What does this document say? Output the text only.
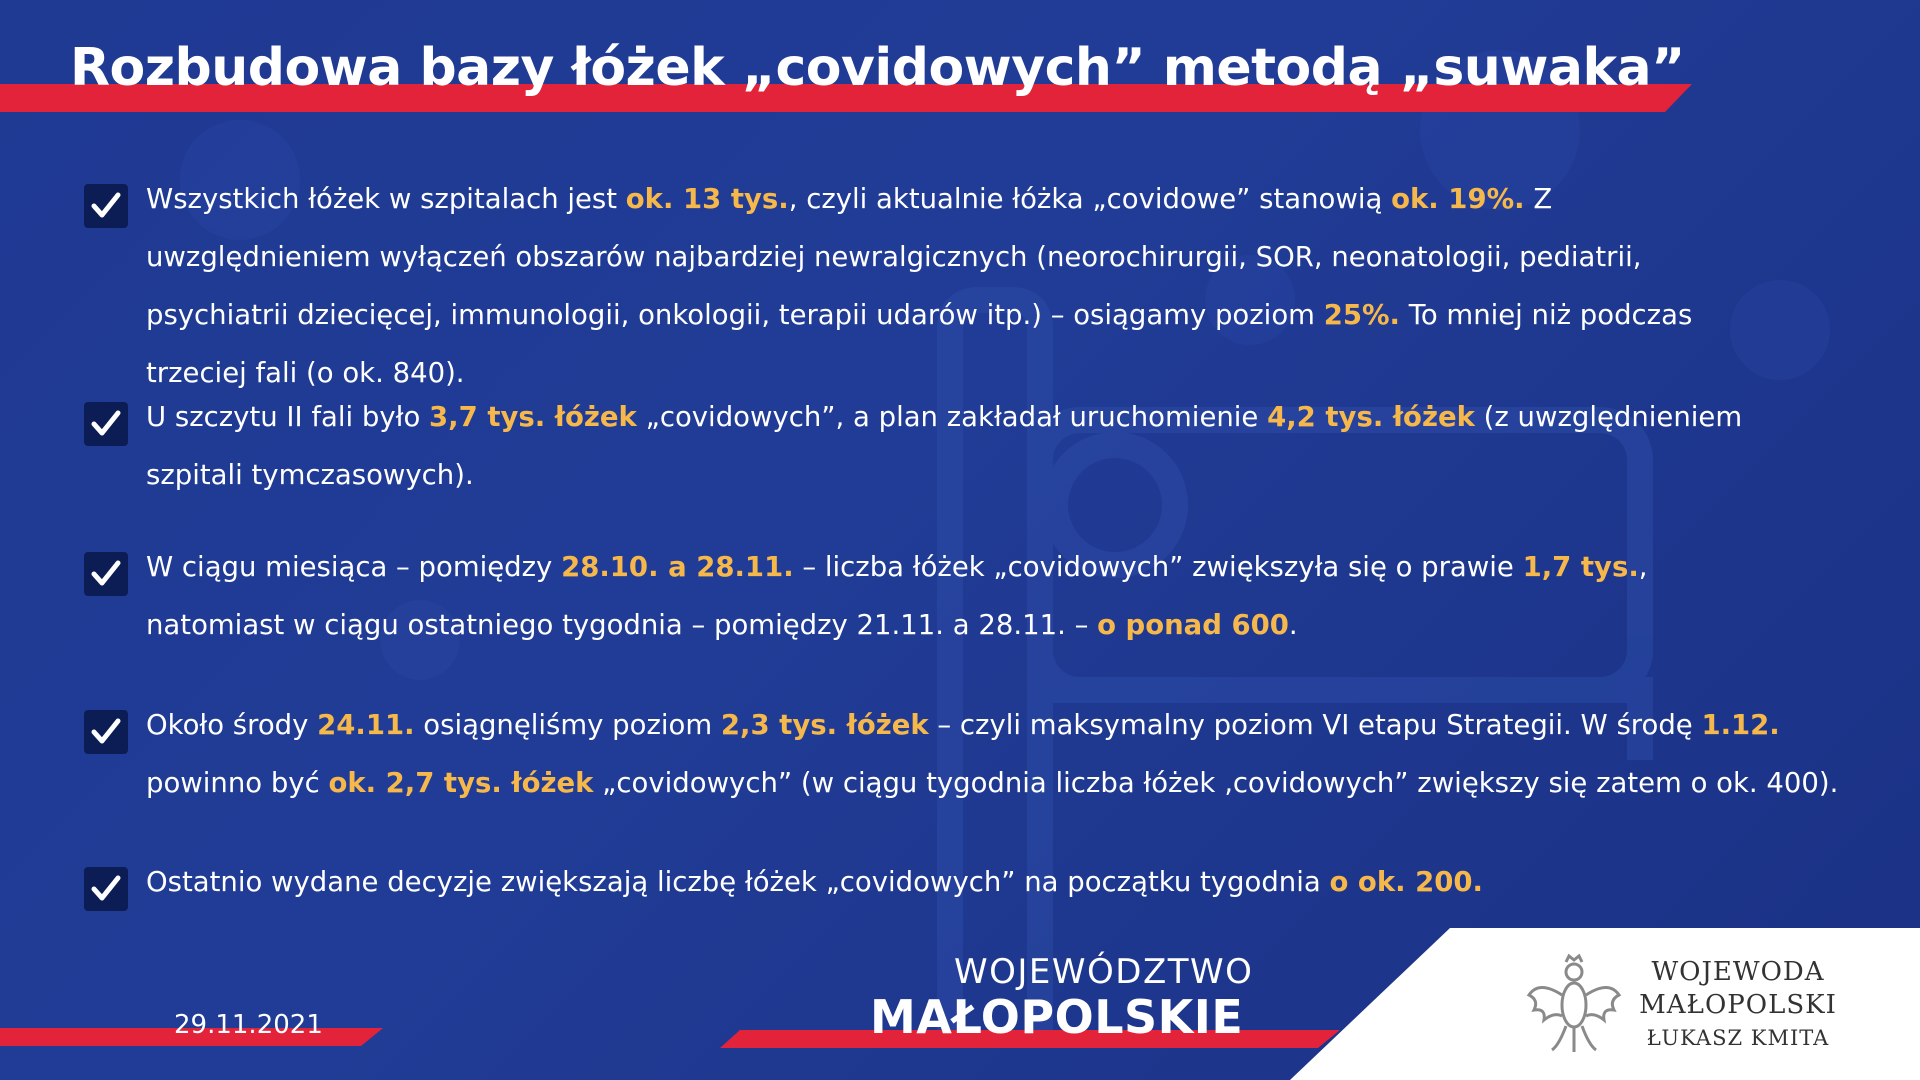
Rozbudowa bazy łóżek „covidowych” metodą „suwaka”
Wszystkich łóżek w szpitalach jest ok. 13 tys., czyli aktualnie łóżka „covidowe” stanowią ok. 19%. Z uwzględnieniem wyłączeń obszarów najbardziej newralgicznych (neorochirurgii, SOR, neonatologii, pediatrii, psychiatrii dziecięcej, immunologii, onkologii, terapii udarów itp.) – osiągamy poziom 25%. To mniej niż podczas trzeciej fali (o ok. 840).
U szczytu II fali było 3,7 tys. łóżek „covidowych”, a plan zakładał uruchomienie 4,2 tys. łóżek (z uwzględnieniem szpitali tymczasowych).
W ciągu miesiąca – pomiędzy 28.10. a 28.11. – liczba łóżek „covidowych” zwiększyła się o prawie 1,7 tys., natomiast w ciągu ostatniego tygodnia – pomiędzy 21.11. a 28.11. – o ponad 600.
Około środy 24.11. osiągnęliśmy poziom 2,3 tys. łóżek – czyli maksymalny poziom VI etapu Strategii. W środę 1.12. powinno być ok. 2,7 tys. łóżek „covidowych” (w ciągu tygodnia liczba łóżek ‚covidowych” zwiększy się zatem o ok. 400).
Ostatnio wydane decyzje zwiększają liczbę łóżek „covidowych” na początku tygodnia o ok. 200.
29.11.2021
WOJEWÓDZTWO
MAŁOPOLSKIE
WOJEWODA
MAŁOPOLSKI
ŁUKASZ KMITA
